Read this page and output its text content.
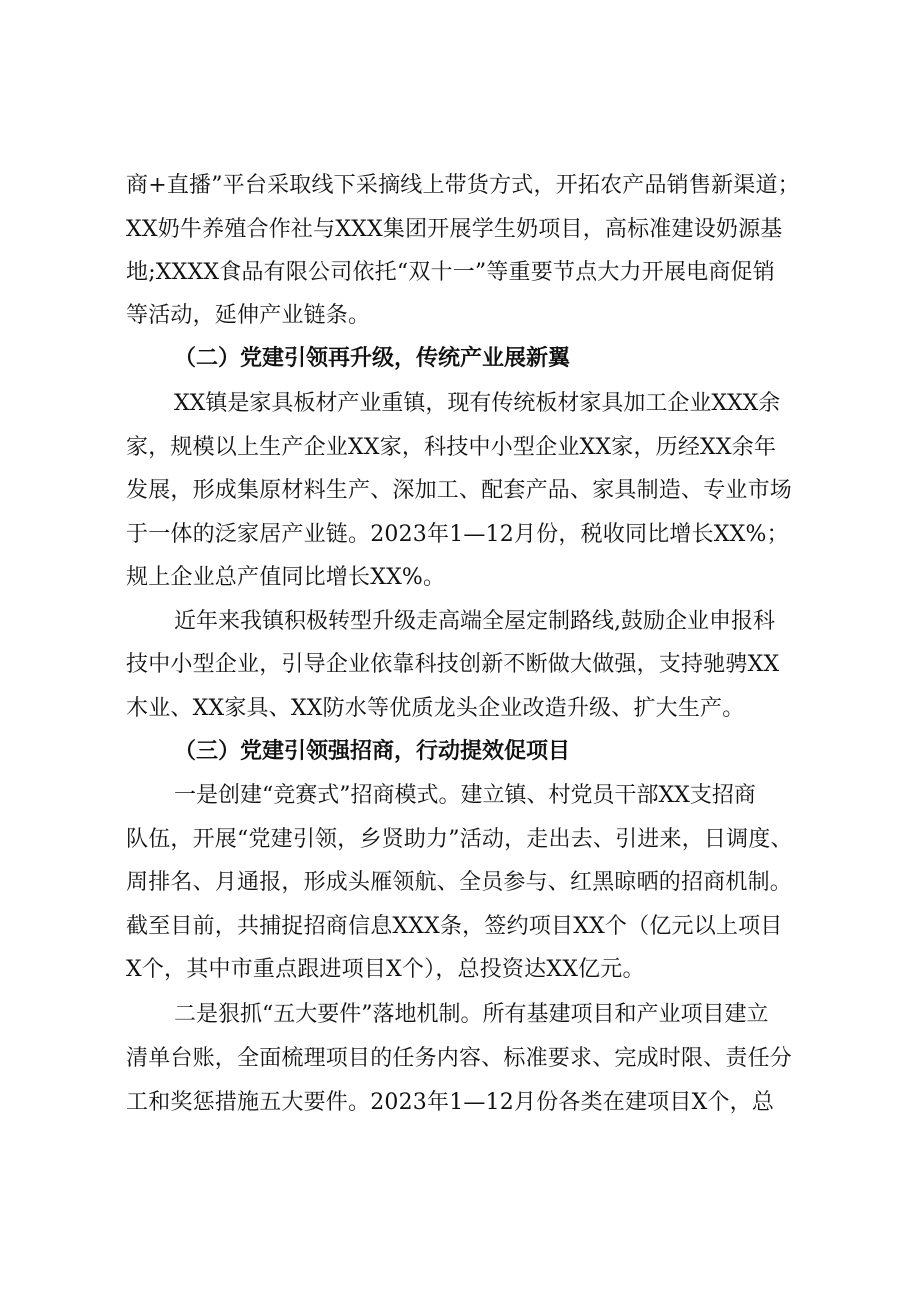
商+直播”平台采取线下采摘线上带货方式，开拓农产品销售新渠道；
XX奶牛养殖合作社与XXX集团开展学生奶项目，高标准建设奶源基
地;XXXX食品有限公司依托“双十一”等重要节点大力开展电商促销
等活动，延伸产业链条。
（二）党建引领再升级，传统产业展新翼
XX镇是家具板材产业重镇，现有传统板材家具加工企业XXX余
家，规模以上生产企业XX家，科技中小型企业XX家，历经XX余年
发展，形成集原材料生产、深加工、配套产品、家具制造、专业市场
于一体的泛家居产业链。2023年1—12月份，税收同比增长XX%；
规上企业总产值同比增长XX%。
近年来我镇积极转型升级走高端全屋定制路线,鼓励企业申报科
技中小型企业，引导企业依靠科技创新不断做大做强，支持驰骋XX
木业、XX家具、XX防水等优质龙头企业改造升级、扩大生产。
（三）党建引领强招商，行动提效促项目
一是创建“竞赛式”招商模式。建立镇、村党员干部XX支招商
队伍，开展“党建引领，乡贤助力”活动，走出去、引进来，日调度、
周排名、月通报，形成头雁领航、全员参与、红黑晾晒的招商机制。
截至目前，共捕捉招商信息XXX条，签约项目XX个（亿元以上项目
X个，其中市重点跟进项目X个），总投资达XX亿元。
二是狠抓“五大要件”落地机制。所有基建项目和产业项目建立
清单台账，全面梳理项目的任务内容、标准要求、完成时限、责任分
工和奖惩措施五大要件。2023年1—12月份各类在建项目X个，总
